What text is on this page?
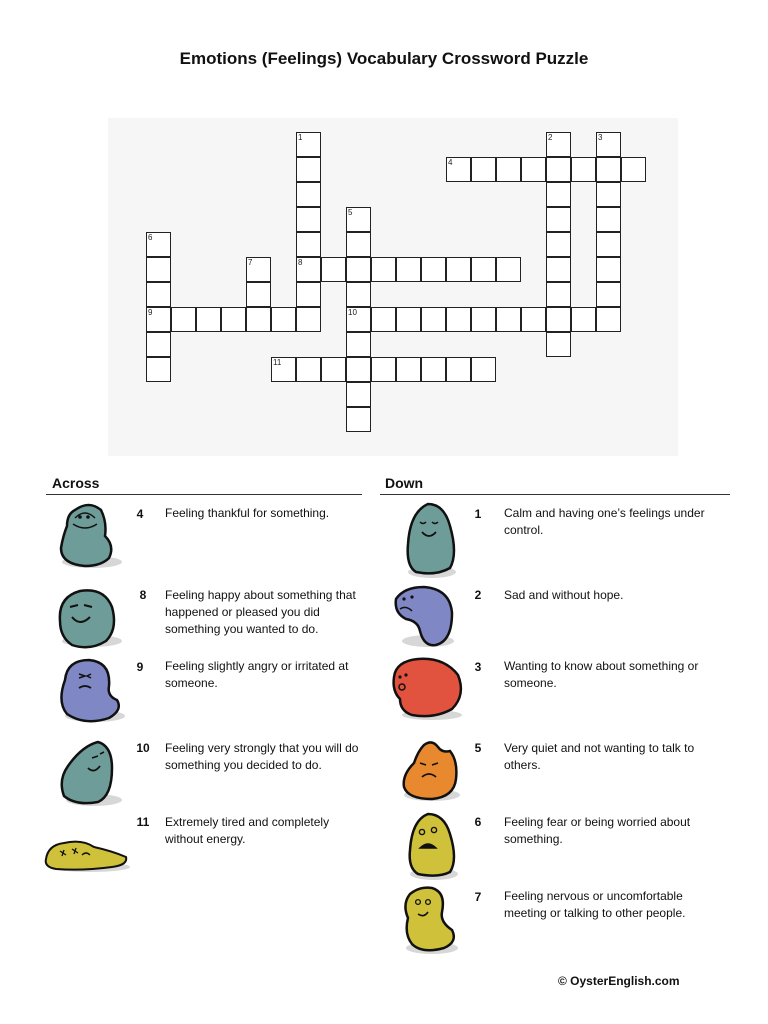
Emotions (Feelings) Vocabulary Crossword Puzzle
1	2	3
4
5
6
7	8
9	10
11
Across	Down
4	Feeling thankful for something.
8	Feeling happy about something that happened or pleased you did something you wanted to do.
9	Feeling slightly angry or irritated at someone.
10 Feeling very strongly that you will do something you decided to do.
11	Extremely tired and completely without energy.
1	Calm and having one’s feelings under control.
2	Sad and without hope.
3	Wanting to know about something or someone.
5	Very quiet and not wanting to talk to others.
6	Feeling fear or being worried about something.
7	Feeling nervous or uncomfortable meeting or talking to other people.
© OysterEnglish.com
